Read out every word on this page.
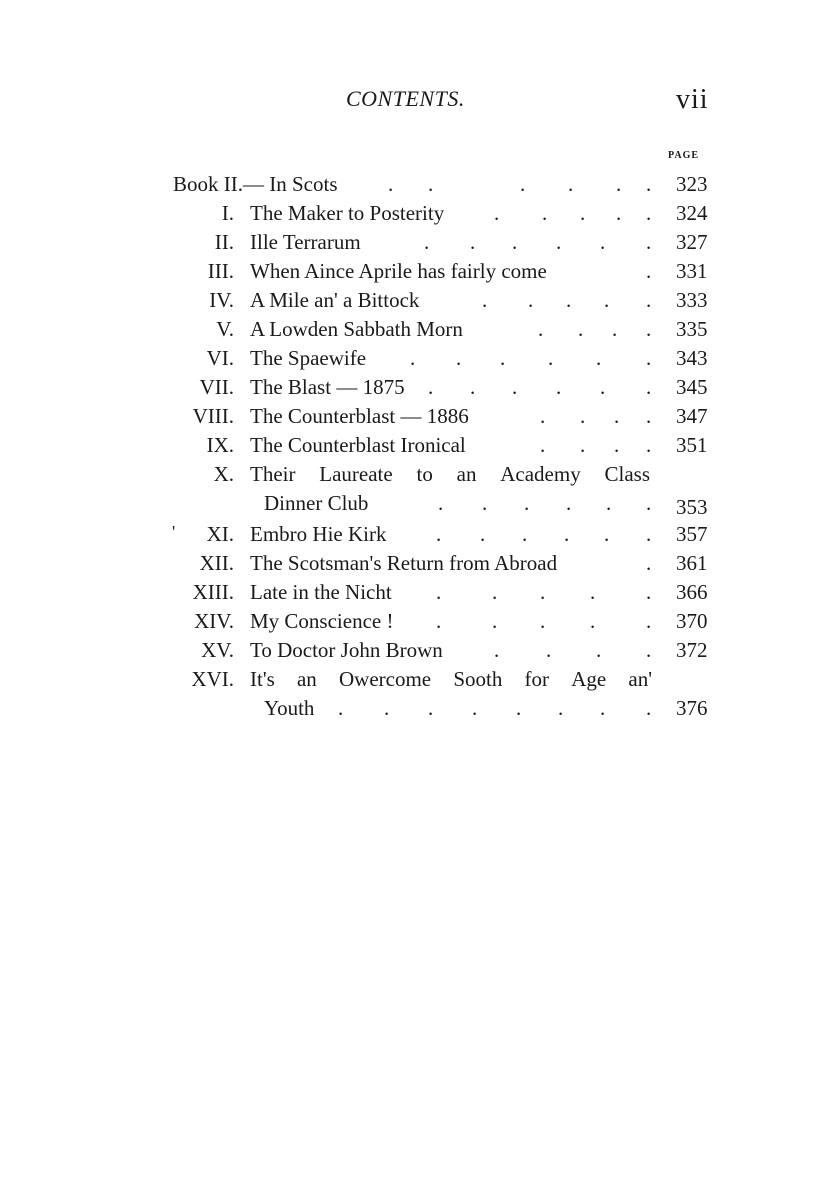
CONTENTS.	vii
PAGE
'
Book II.— In Scots . .	. . . . 323
I. The Maker to Posterity . . . . . 324
II. Ille Terrarum	. . . . . . 327
III. When Aince Aprile has fairly come	. 331
IV. A Mile an' a Bittock	. . . . . 333
V. A Lowden Sabbath Morn	. . . . 335
VI. The Spaewife . . . . . . 343
VII. The Blast — 1875 . . . . . . 345
VIII. The Counterblast — 1886	. . . . 347
IX. The Counterblast Ironical	. . . . 351
X. Their Laureate to an Academy Class
Dinner Club	. . . . . . 353
XI. Embro Hie Kirk . . . . . . 357
XII. The Scotsman's Return from Abroad	. 361
XIII. Late in the Nicht . . . . . 366
XIV. My Conscience ! . . . . . 370
XV. To Doctor John Brown . . . . 372
XVI. It's an Owercome Sooth for Age an'
Youth . . . . . . . . 376
